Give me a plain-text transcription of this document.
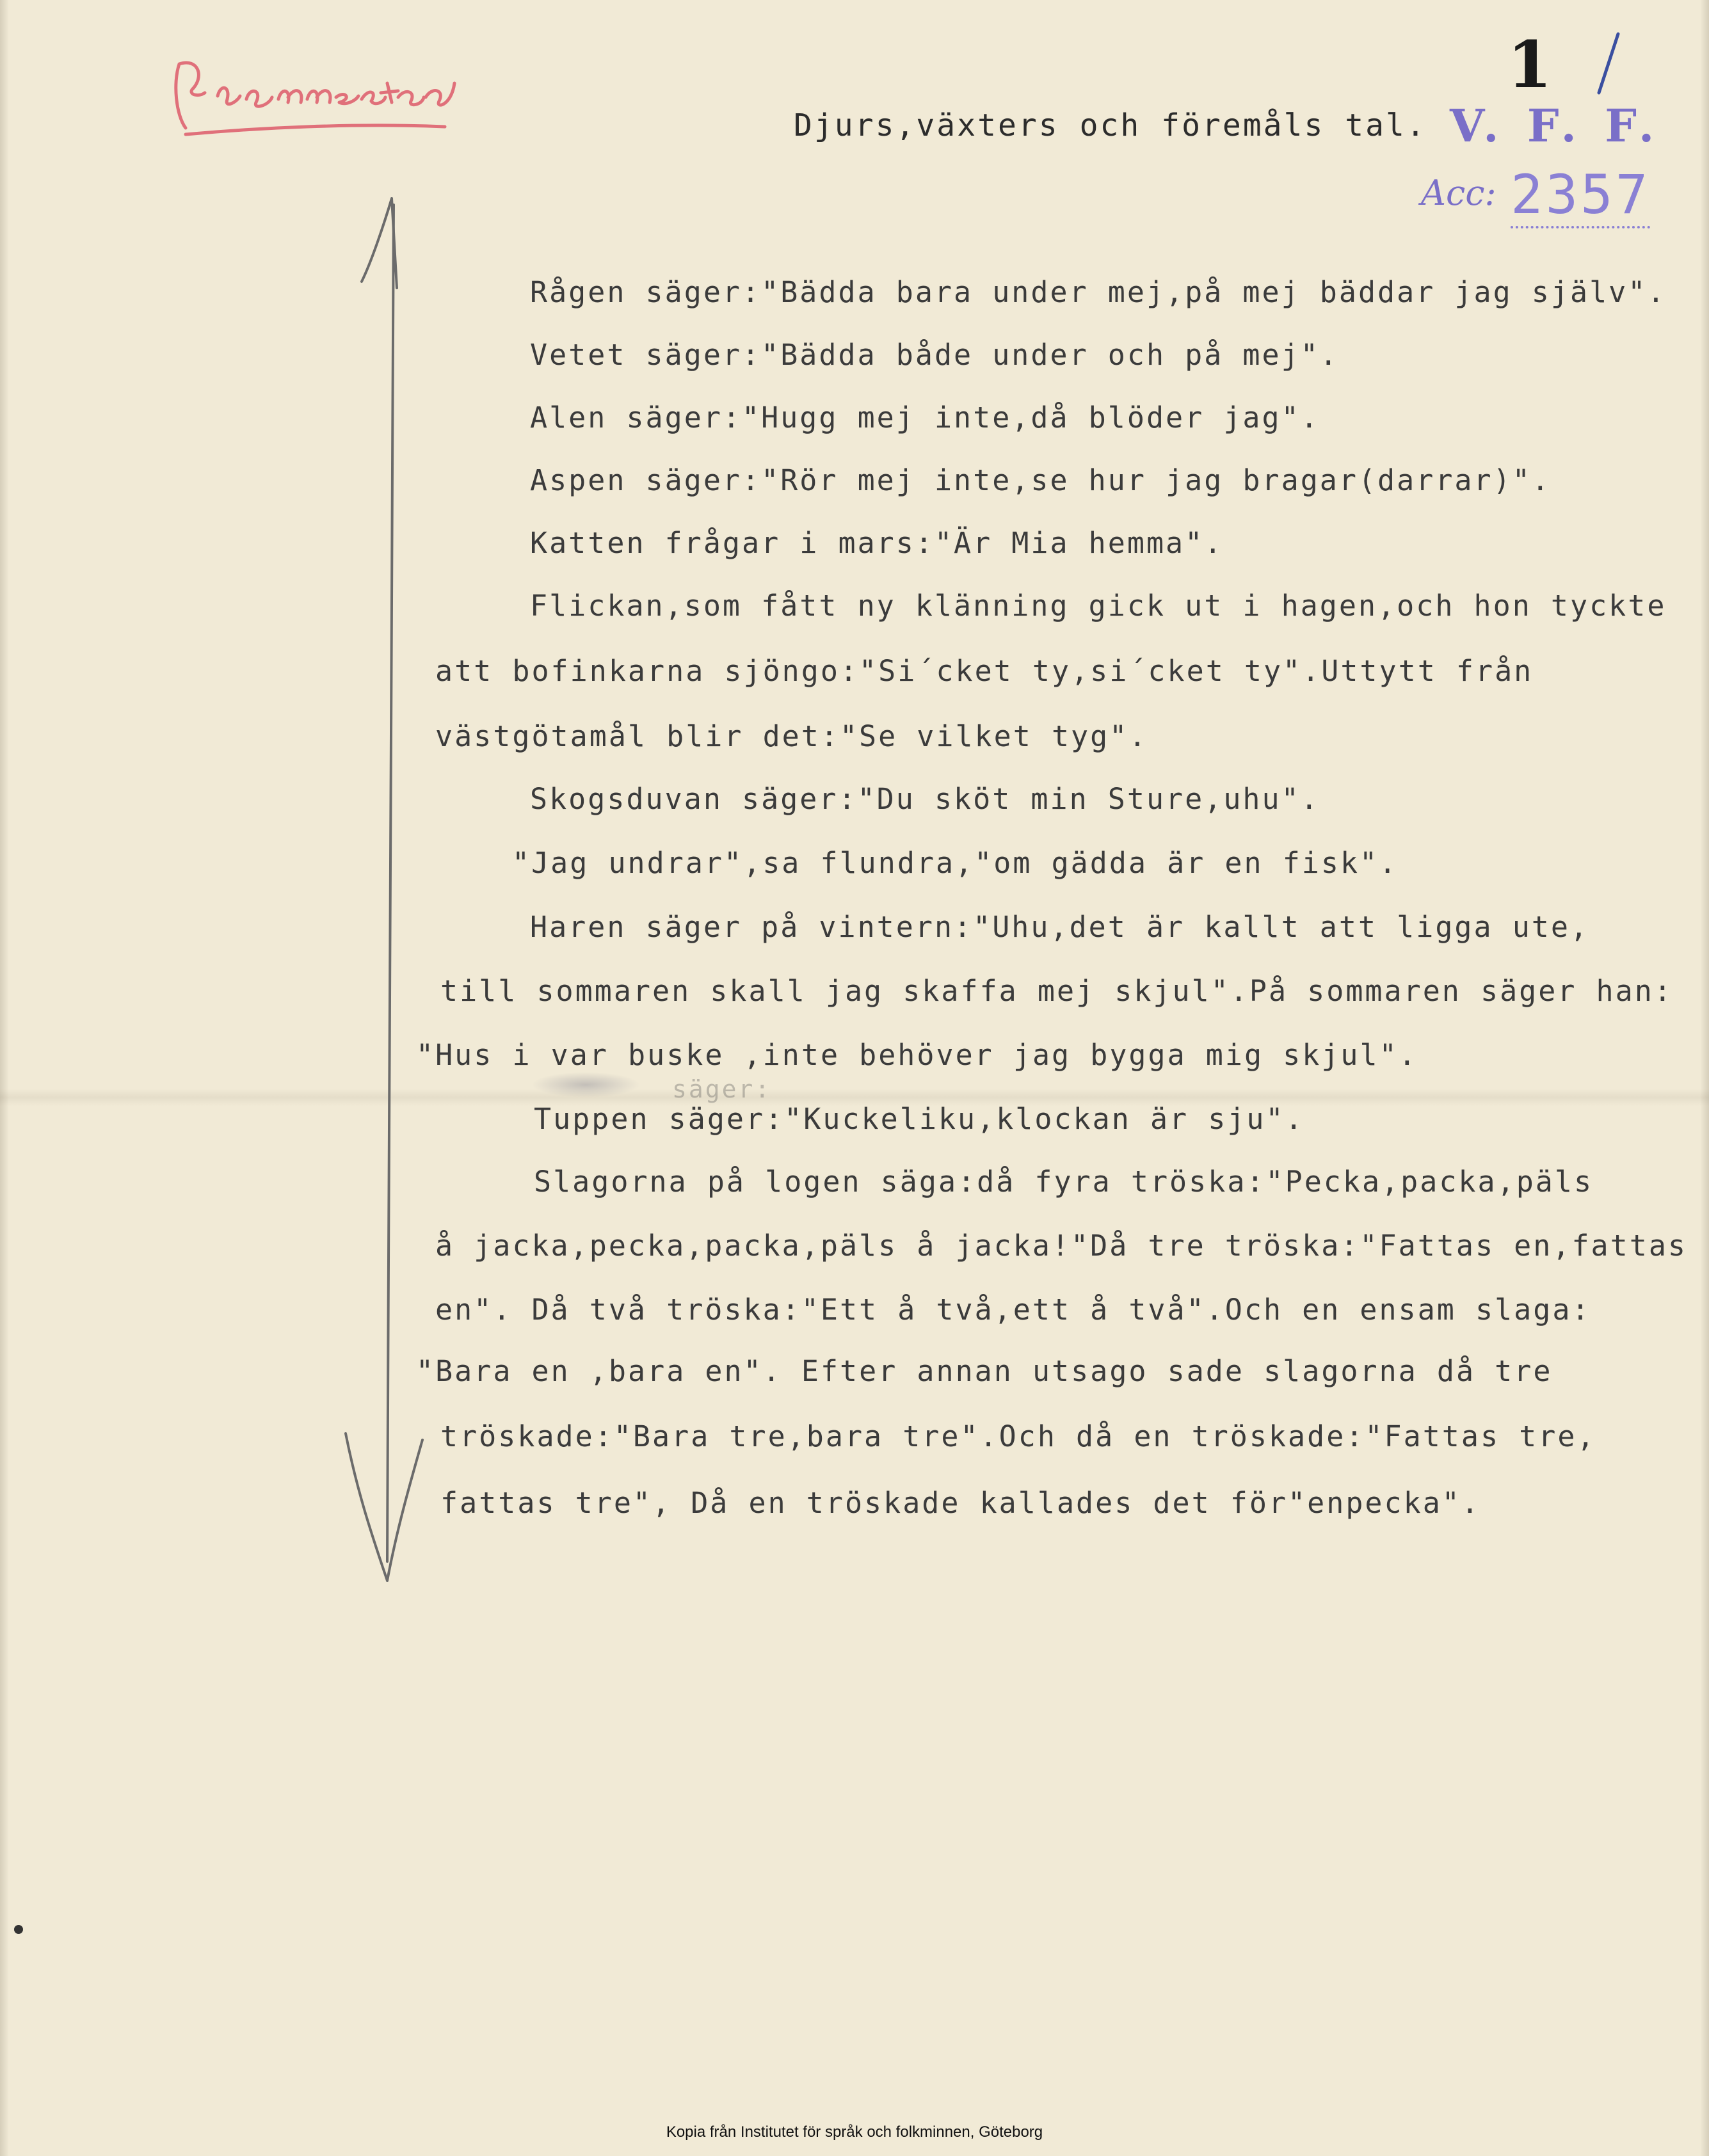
1
Djurs,växters och föremåls tal. V. F. F.
Acc: 2357
Rågen säger:"Bädda bara under mej,på mej bäddar jag själv".
Vetet säger:"Bädda både under och på mej".
Alen säger:"Hugg mej inte,då blöder jag".
Aspen säger:"Rör mej inte,se hur jag bragar(darrar)".
Katten frågar i mars:"Är Mia hemma".
Flickan,som fått ny klänning gick ut i hagen,och hon tyckte
att bofinkarna sjöngo:"Si´cket ty,si´cket ty".Uttytt från
västgötamål blir det:"Se vilket tyg".
Skogsduvan säger:"Du sköt min Sture,uhu".
"Jag undrar",sa flundra,"om gädda är en fisk".
Haren säger på vintern:"Uhu,det är kallt att ligga ute,
till sommaren skall jag skaffa mej skjul".På sommaren säger han:
"Hus i var buske ,inte behöver jag bygga mig skjul".
säger:
Tuppen säger:"Kuckeliku,klockan är sju".
Slagorna på logen säga:då fyra tröska:"Pecka,packa,päls
å jacka,pecka,packa,päls å jacka!"Då tre tröska:"Fattas en,fattas
en". Då två tröska:"Ett å två,ett å två".Och en ensam slaga:
"Bara en ,bara en". Efter annan utsago sade slagorna då tre
tröskade:"Bara tre,bara tre".Och då en tröskade:"Fattas tre,
fattas tre", Då en tröskade kallades det för"enpecka".
Kopia från Institutet för språk och folkminnen, Göteborg
